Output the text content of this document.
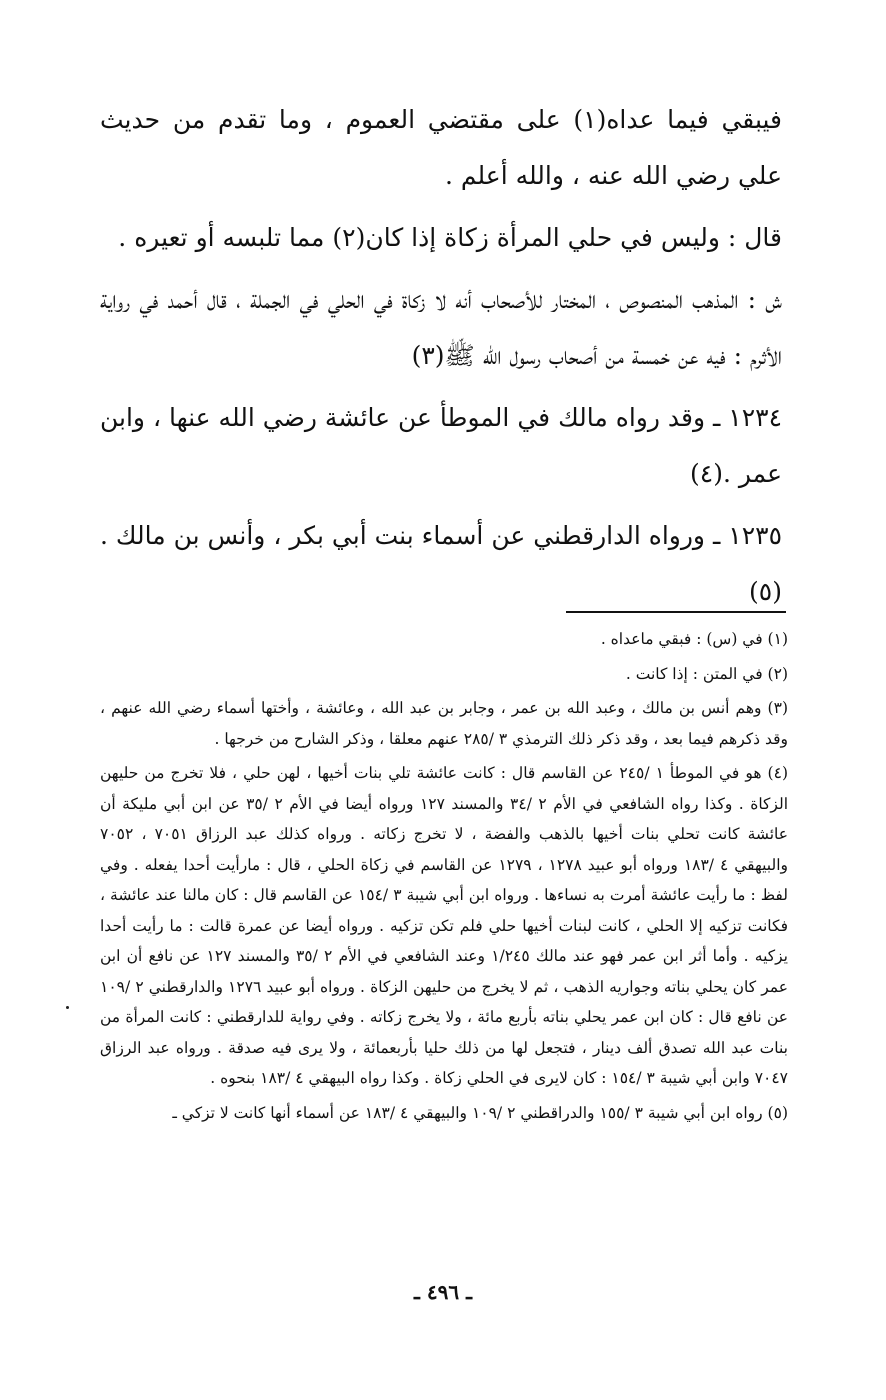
فيبقي فيما عداه(١) على مقتضي العموم ، وما تقدم من حديث علي رضي الله عنه ، والله أعلم .

قال : وليس في حلي المرأة زكاة إذا كان(٢) مما تلبسه أو تعيره .

ش : المذهب المنصوص ، المختار للأصحاب أنه لا زكاة في الحلي في الجملة ، قال أحمد في رواية الأثرم : فيه عن خمسة من أصحاب رسول الله ﷺ(٣)

١٢٣٤ ـ وقد رواه مالك في الموطأ عن عائشة رضي الله عنها ، وابن عمر .(٤)

١٢٣٥ ـ ورواه الدارقطني عن أسماء بنت أبي بكر ، وأنس بن مالك .(٥)

(١) في (س) : فبقي ماعداه .

(٢) في المتن : إذا كانت .

(٣) وهم أنس بن مالك ، وعبد الله بن عمر ، وجابر بن عبد الله ، وعائشة ، وأختها أسماء رضي الله عنهم ، وقد ذكرهم فيما بعد ، وقد ذكر ذلك الترمذي ٣ /٢٨٥ عنهم معلقا ، وذكر الشارح من خرجها .

(٤) هو في الموطأ ١ /٢٤٥ عن القاسم قال : كانت عائشة تلي بنات أخيها ، لهن حلي ، فلا تخرج من حليهن الزكاة . وكذا رواه الشافعي في الأم ٢ /٣٤ والمسند ١٢٧ ورواه أيضا في الأم ٢ /٣٥ عن ابن أبي مليكة أن عائشة كانت تحلي بنات أخيها بالذهب والفضة ، لا تخرج زكاته . ورواه كذلك عبد الرزاق ٧٠٥١ ، ٧٠٥٢ والبيهقي ٤ /١٨٣ ورواه أبو عبيد ١٢٧٨ ، ١٢٧٩ عن القاسم في زكاة الحلي ، قال : مارأيت أحدا يفعله . وفي لفظ : ما رأيت عائشة أمرت به نساءها . ورواه ابن أبي شيبة ٣ /١٥٤ عن القاسم قال : كان مالنا عند عائشة ، فكانت تزكيه إلا الحلي ، كانت لبنات أخيها حلي فلم تكن تزكيه . ورواه أيضا عن عمرة قالت : ما رأيت أحدا يزكيه . وأما أثر ابن عمر فهو عند مالك ١/٢٤٥ وعند الشافعي في الأم ٢ /٣٥ والمسند ١٢٧ عن نافع أن ابن عمر كان يحلي بناته وجواريه الذهب ، ثم لا يخرج من حليهن الزكاة . ورواه أبو عبيد ١٢٧٦ والدارقطني ٢ /١٠٩ عن نافع قال : كان ابن عمر يحلي بناته بأربع مائة ، ولا يخرج زكاته . وفي رواية للدارقطني : كانت المرأة من بنات عبد الله تصدق ألف دينار ، فتجعل لها من ذلك حليا بأربعمائة ، ولا يرى فيه صدقة . ورواه عبد الرزاق ٧٠٤٧ وابن أبي شيبة ٣ /١٥٤ : كان لايرى في الحلي زكاة . وكذا رواه البيهقي ٤ /١٨٣ بنحوه .

(٥) رواه ابن أبي شيبة ٣ /١٥٥ والدراقطني ٢ /١٠٩ والبيهقي ٤ /١٨٣ عن أسماء أنها كانت لا تزكي ـ

ـ ٤٩٦ ـ
